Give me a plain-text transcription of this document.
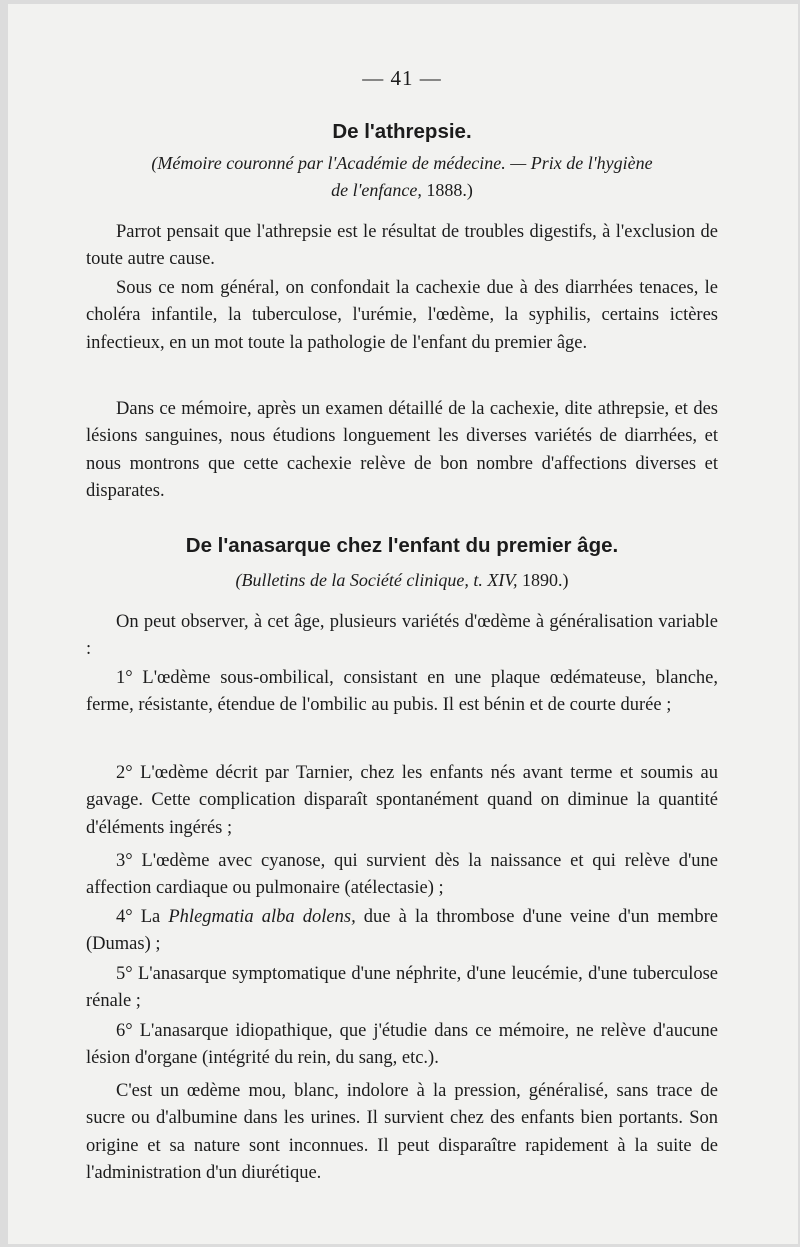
— 41 —
De l'athrepsie.
(Mémoire couronné par l'Académie de médecine. — Prix de l'hygiène
de l'enfance, 1888.)

Parrot pensait que l'athrepsie est le résultat de troubles digestifs, à l'exclusion de toute autre cause.

Sous ce nom général, on confondait la cachexie due à des diarrhées tenaces, le choléra infantile, la tuberculose, l'urémie, l'œdème, la syphilis, certains ictères infectieux, en un mot toute la pathologie de l'enfant du premier âge.

Dans ce mémoire, après un examen détaillé de la cachexie, dite athrepsie, et des lésions sanguines, nous étudions longuement les diverses variétés de diarrhées, et nous montrons que cette cachexie relève de bon nombre d'affections diverses et disparates.

De l'anasarque chez l'enfant du premier âge.
(Bulletins de la Société clinique, t. XIV, 1890.)

On peut observer, à cet âge, plusieurs variétés d'œdème à généralisation variable :

1° L'œdème sous-ombilical, consistant en une plaque œdémateuse, blanche, ferme, résistante, étendue de l'ombilic au pubis. Il est bénin et de courte durée ;

2° L'œdème décrit par Tarnier, chez les enfants nés avant terme et soumis au gavage. Cette complication disparaît spontanément quand on diminue la quantité d'éléments ingérés ;

3° L'œdème avec cyanose, qui survient dès la naissance et qui relève d'une affection cardiaque ou pulmonaire (atélectasie) ;

4° La Phlegmatia alba dolens, due à la thrombose d'une veine d'un membre (Dumas) ;

5° L'anasarque symptomatique d'une néphrite, d'une leucémie, d'une tuberculose rénale ;

6° L'anasarque idiopathique, que j'étudie dans ce mémoire, ne relève d'aucune lésion d'organe (intégrité du rein, du sang, etc.).

C'est un œdème mou, blanc, indolore à la pression, généralisé, sans trace de sucre ou d'albumine dans les urines. Il survient chez des enfants bien portants. Son origine et sa nature sont inconnues. Il peut disparaître rapidement à la suite de l'administration d'un diurétique.
